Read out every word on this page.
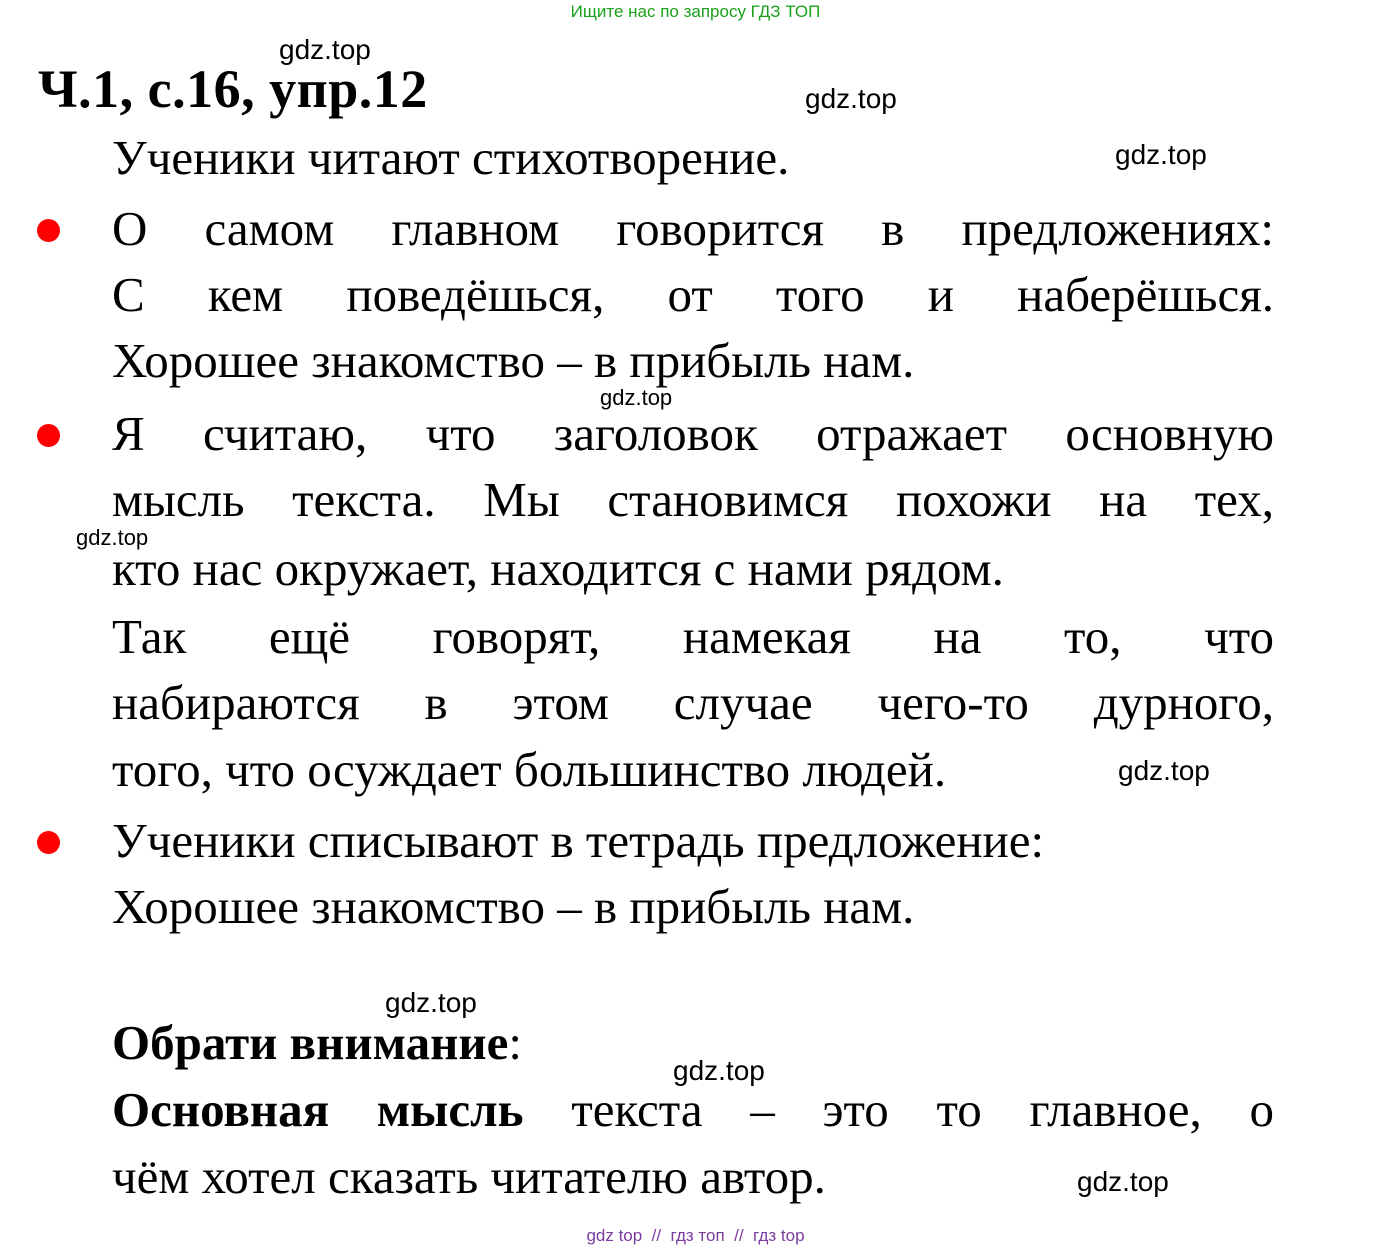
Ищите нас по запросу ГДЗ ТОП
gdz.top
Ч.1, с.16, упр.12	gdz.top
gdz.top
Ученики читают стихотворение.
О самом главном говорится в предложениях:
С кем поведёшься, от того и наберёшься.
Хорошее знакомство – в прибыль нам.
gdz.top
Я считаю, что заголовок отражает основную
мысль текста. Мы становимся похожи на тех,
gdz.top
кто нас окружает, находится с нами рядом.
Так ещё говорят, намекая на то, что
набираются в этом случае чего-то дурного,
того, что осуждает большинство людей.	gdz.top
Ученики списывают в тетрадь предложение:
Хорошее знакомство – в прибыль нам.
gdz.top
Обрати внимание:
gdz.top
Основная мысль текста – это то главное, о
чём хотел сказать читателю автор.	gdz.top
gdz top  //  гдз топ  //  гдз top
